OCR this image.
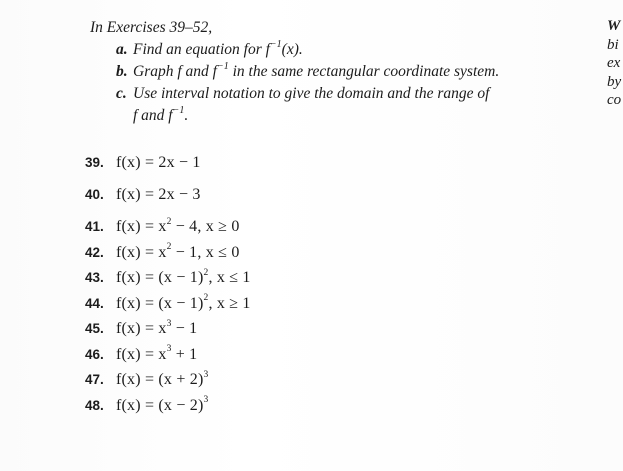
In Exercises 39–52,
a. Find an equation for $f^{-1}(x)$.
b. Graph f and $f^{-1}$ in the same rectangular coordinate system.
c. Use interval notation to give the domain and the range of
f and $f^{-1}$.
39. f(x) = 2x − 1
40. f(x) = 2x − 3
41. $f(x) = x^2 - 4$, x ≥ 0
42. $f(x) = x^2 - 1$, x ≤ 0
43. $f(x) = (x - 1)^2$, x ≤ 1
44. $f(x) = (x - 1)^2$, x ≥ 1
45. $f(x) = x^3 - 1$
46. $f(x) = x^3 + 1$
47. $f(x) = (x + 2)^3$
48. $f(x) = (x - 2)^3$
W
bi
ex
by
co
